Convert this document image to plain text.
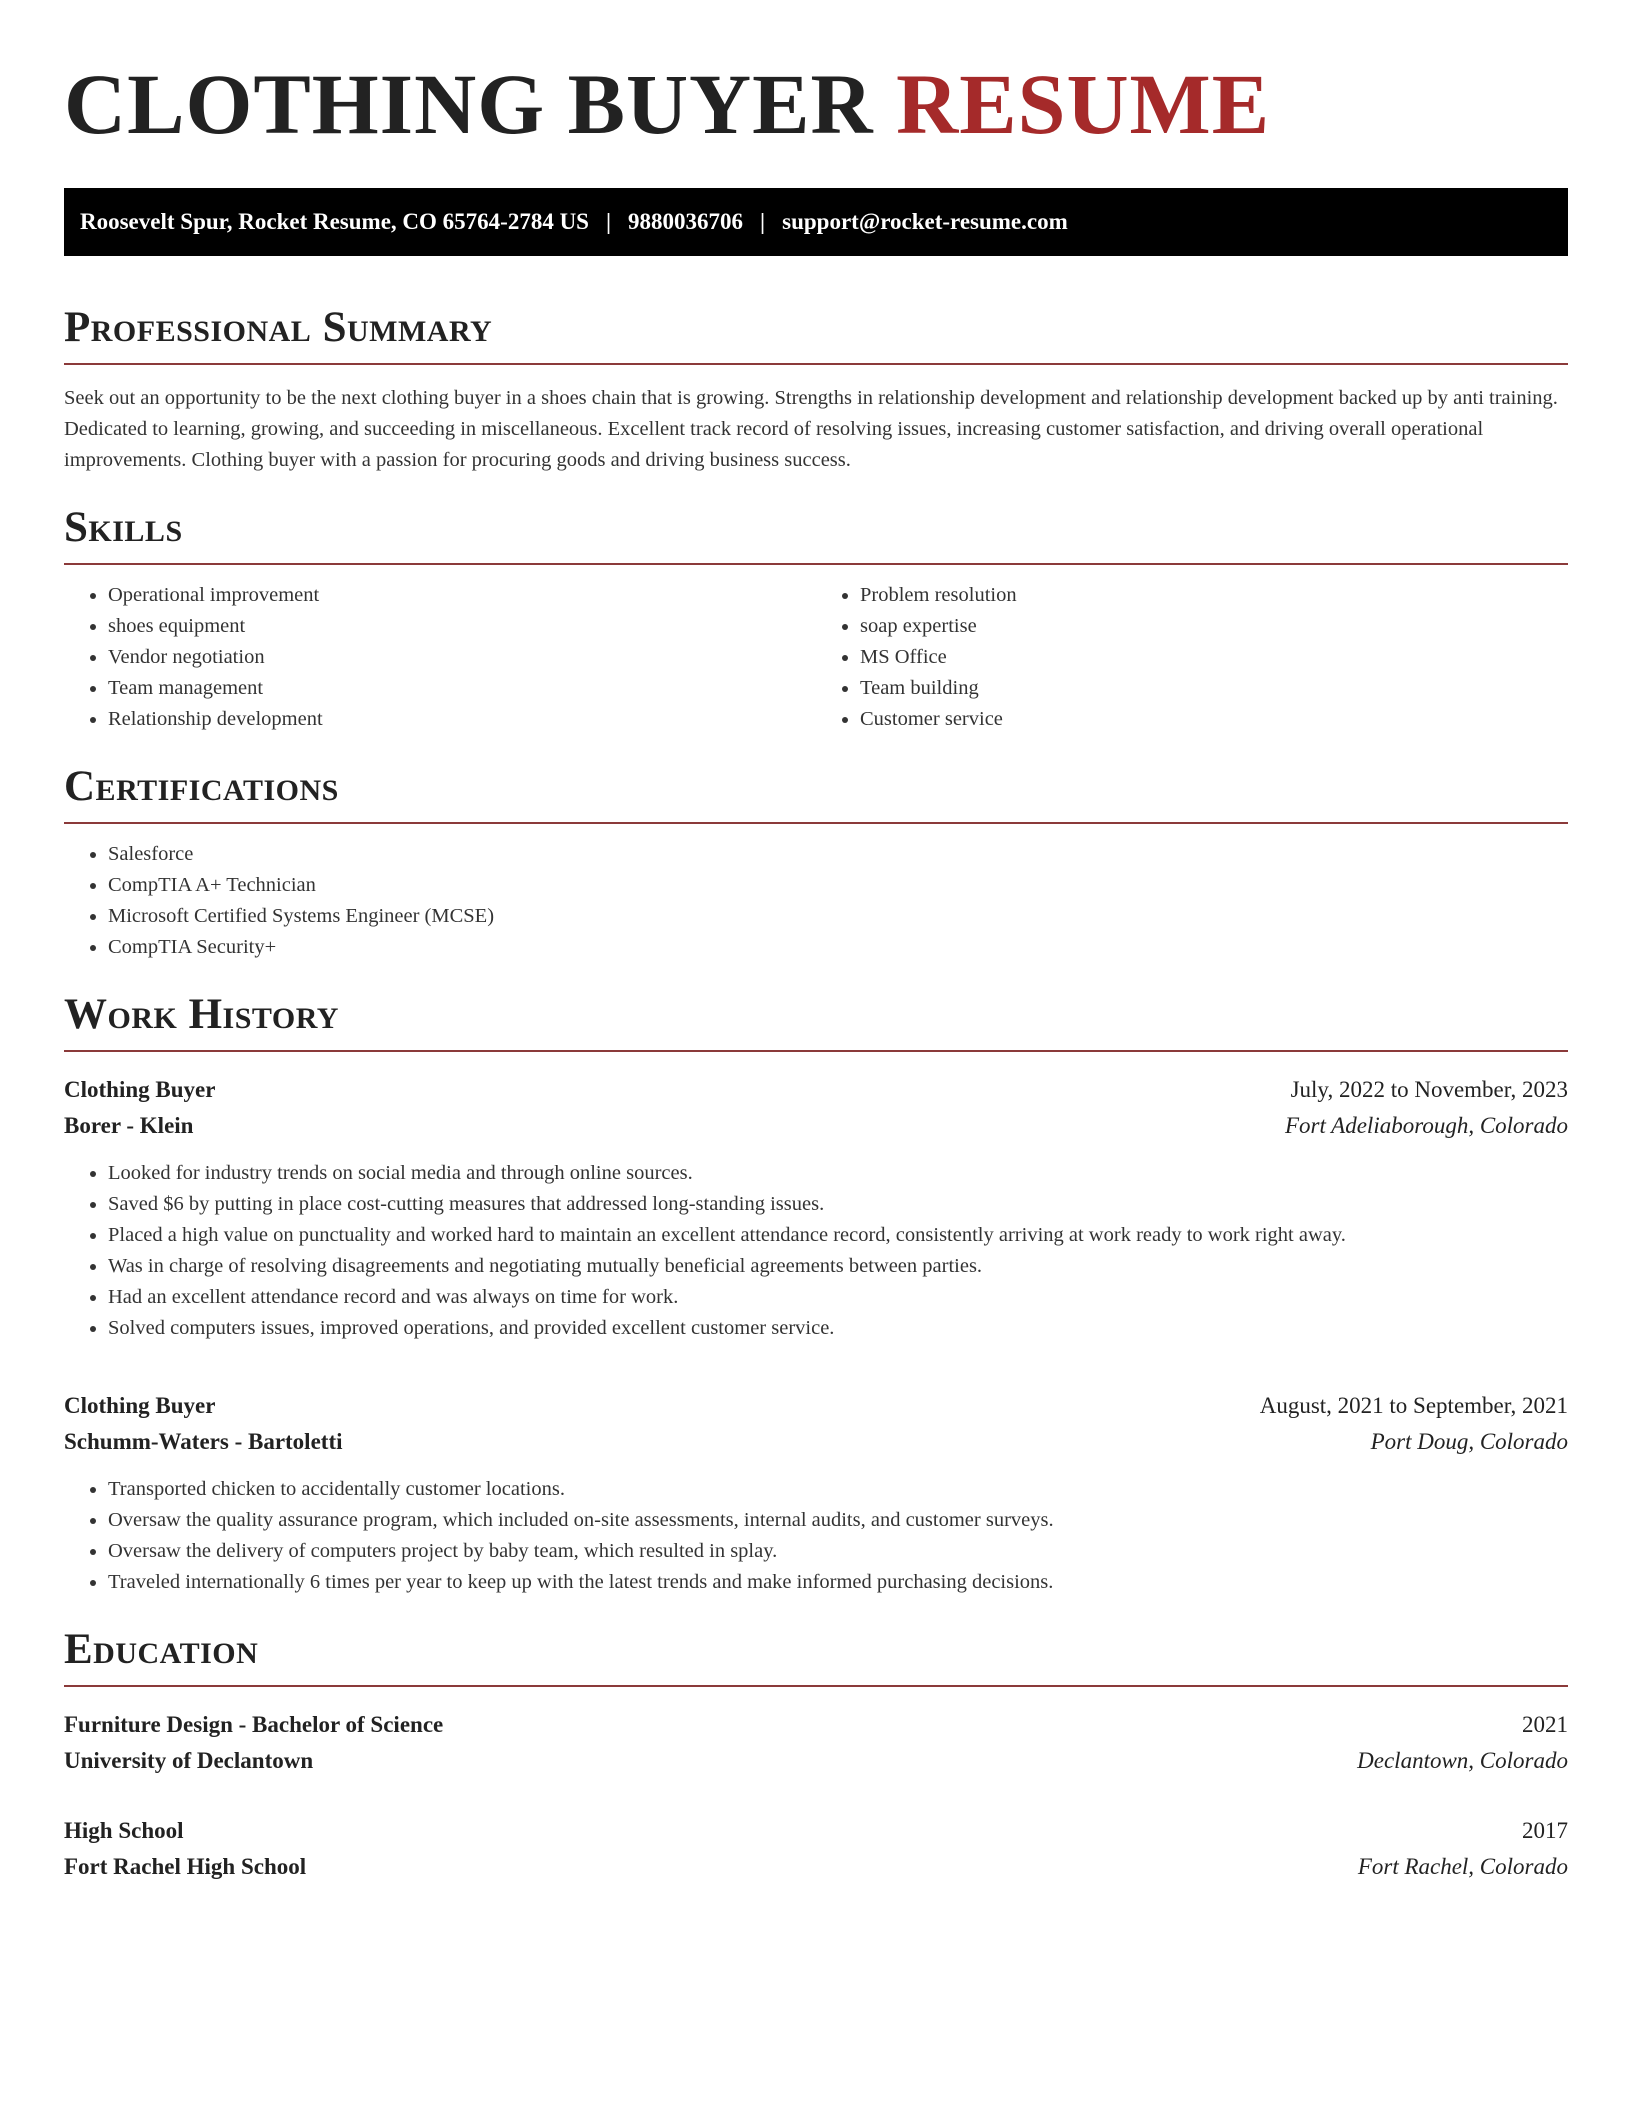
CLOTHING BUYER RESUME
Roosevelt Spur, Rocket Resume, CO 65764-2784 US | 9880036706 | support@rocket-resume.com
Professional Summary

Seek out an opportunity to be the next clothing buyer in a shoes chain that is growing. Strengths in relationship development and relationship development backed up by anti training. Dedicated to learning, growing, and succeeding in miscellaneous. Excellent track record of resolving issues, increasing customer satisfaction, and driving overall operational improvements. Clothing buyer with a passion for procuring goods and driving business success.

Skills
• Operational improvement
• shoes equipment
• Vendor negotiation
• Team management
• Relationship development
• Problem resolution
• soap expertise
• MS Office
• Team building
• Customer service
Certifications
• Salesforce
• CompTIA A+ Technician
• Microsoft Certified Systems Engineer (MCSE)
• CompTIA Security+
Work History
Clothing Buyer	July, 2022 to November, 2023
Borer - Klein	Fort Adeliaborough, Colorado
• Looked for industry trends on social media and through online sources.
• Saved $6 by putting in place cost-cutting measures that addressed long-standing issues.
• Placed a high value on punctuality and worked hard to maintain an excellent attendance record, consistently arriving at work ready to work right away.
• Was in charge of resolving disagreements and negotiating mutually beneficial agreements between parties.
• Had an excellent attendance record and was always on time for work.
• Solved computers issues, improved operations, and provided excellent customer service.
Clothing Buyer	August, 2021 to September, 2021
Schumm-Waters - Bartoletti	Port Doug, Colorado
• Transported chicken to accidentally customer locations.
• Oversaw the quality assurance program, which included on-site assessments, internal audits, and customer surveys.
• Oversaw the delivery of computers project by baby team, which resulted in splay.
• Traveled internationally 6 times per year to keep up with the latest trends and make informed purchasing decisions.
Education
Furniture Design - Bachelor of Science	2021
University of Declantown	Declantown, Colorado
High School	2017
Fort Rachel High School	Fort Rachel, Colorado
